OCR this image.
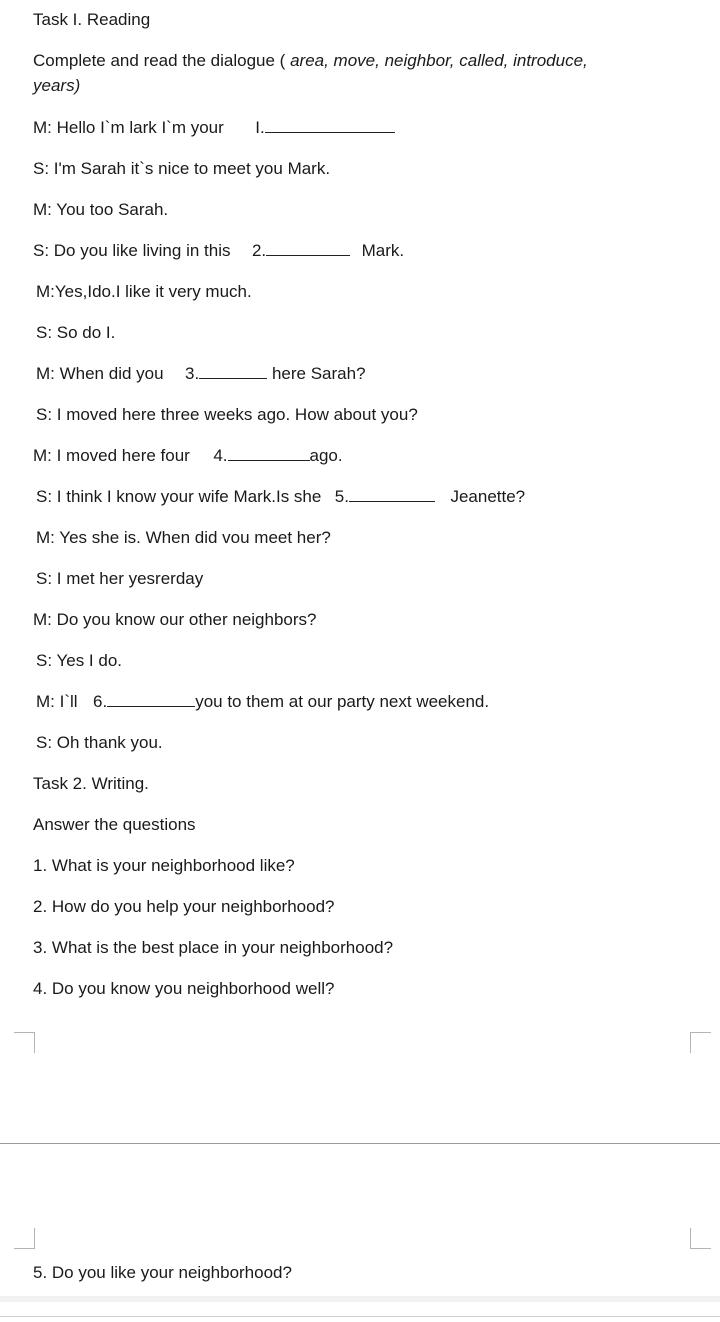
Task I. Reading
Complete and read the dialogue ( area, move, neighbor, called, introduce,
years)
M: Hello I`m lark I`m your I.
S: I'm Sarah it`s nice to meet you Mark.
M: You too Sarah.
S: Do you like living in this 2.	Mark.
M:Yes,Ido.I like it very much.
S: So do I.
M: When did you 3.	here Sarah?
S: I moved here three weeks ago. How about you?
M: I moved here four 4.	ago.
S: I think I know your wife Mark.Is she 5.	Jeanette?
M: Yes she is. When did vou meet her?
S: I met her yesrerday
M: Do you know our other neighbors?
S: Yes I do.
M: I`ll 6.	you to them at our party next weekend.
S: Oh thank you.
Task 2. Writing.
Answer the questions
1. What is your neighborhood like?
2. How do you help your neighborhood?
3. What is the best place in your neighborhood?
4. Do you know you neighborhood well?
5. Do you like your neighborhood?
